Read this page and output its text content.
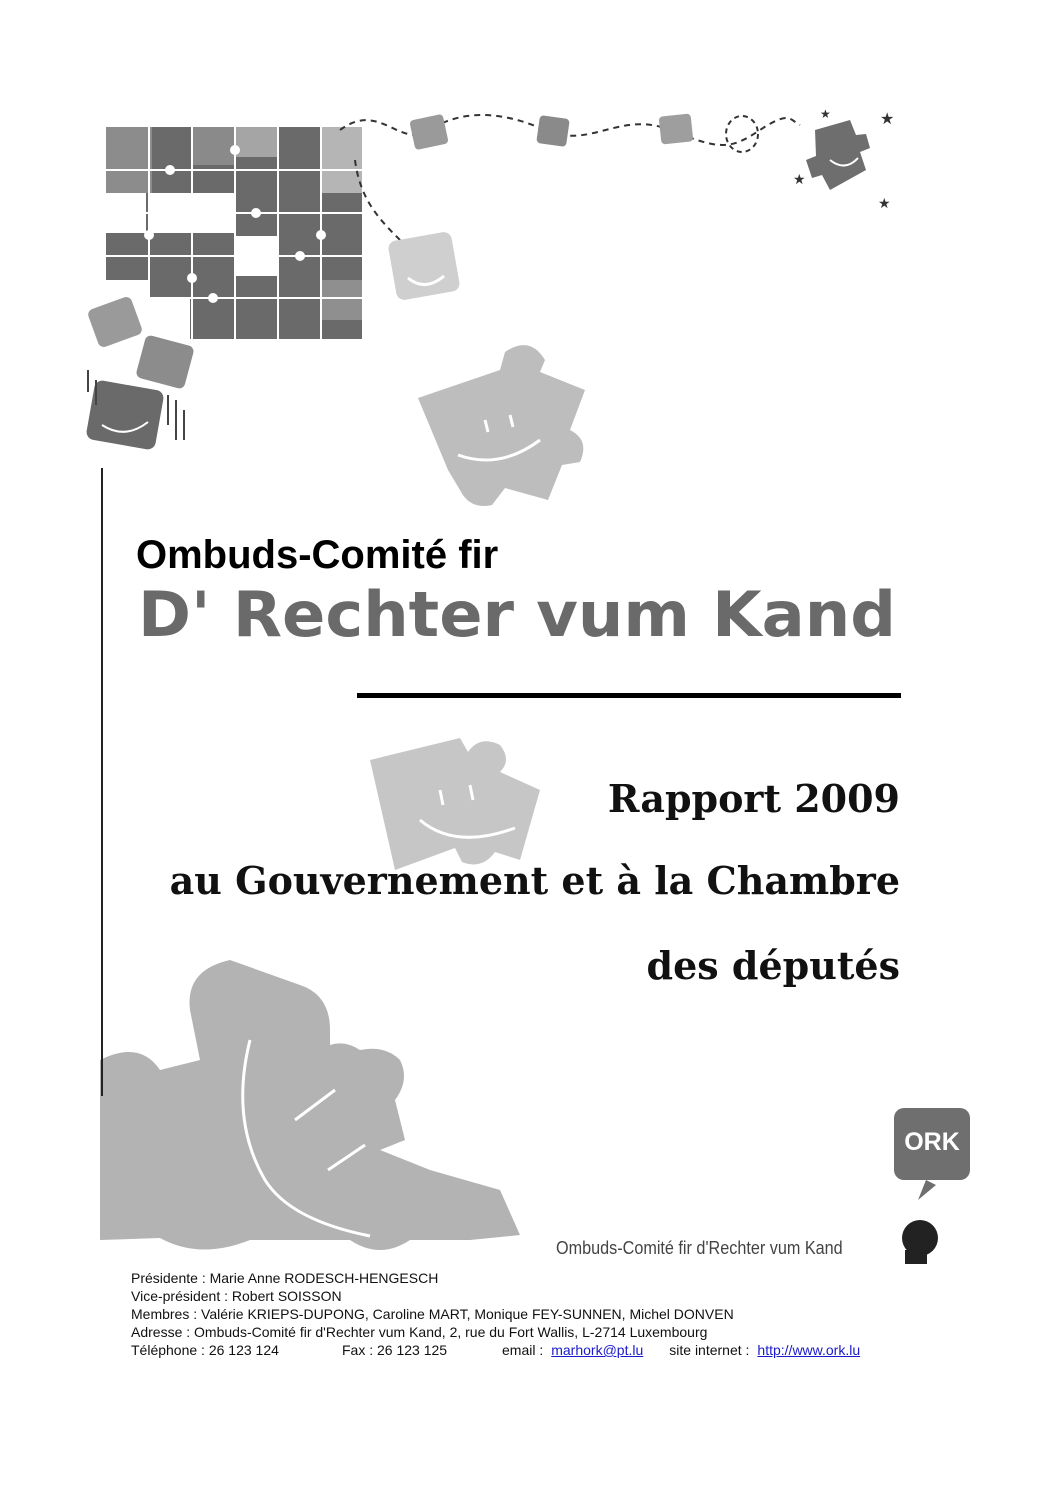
★
★
★
★
Ombuds-Comité fir
D' Rechter vum Kand
Rapport 2009
au Gouvernement et à la Chambre
des députés
ORK
Ombuds-Comité fir d'Rechter vum Kand
Présidente : Marie Anne RODESCH-HENGESCH
Vice-président : Robert SOISSON
Membres : Valérie KRIEPS-DUPONG, Caroline MART, Monique FEY-SUNNEN, Michel DONVEN
Adresse : Ombuds-Comité fir d'Rechter vum Kand, 2, rue du Fort Wallis, L-2714 Luxembourg
Téléphone : 26 123 124	Fax : 26 123 125	email : marhork@pt.lu site internet : http://www.ork.lu
